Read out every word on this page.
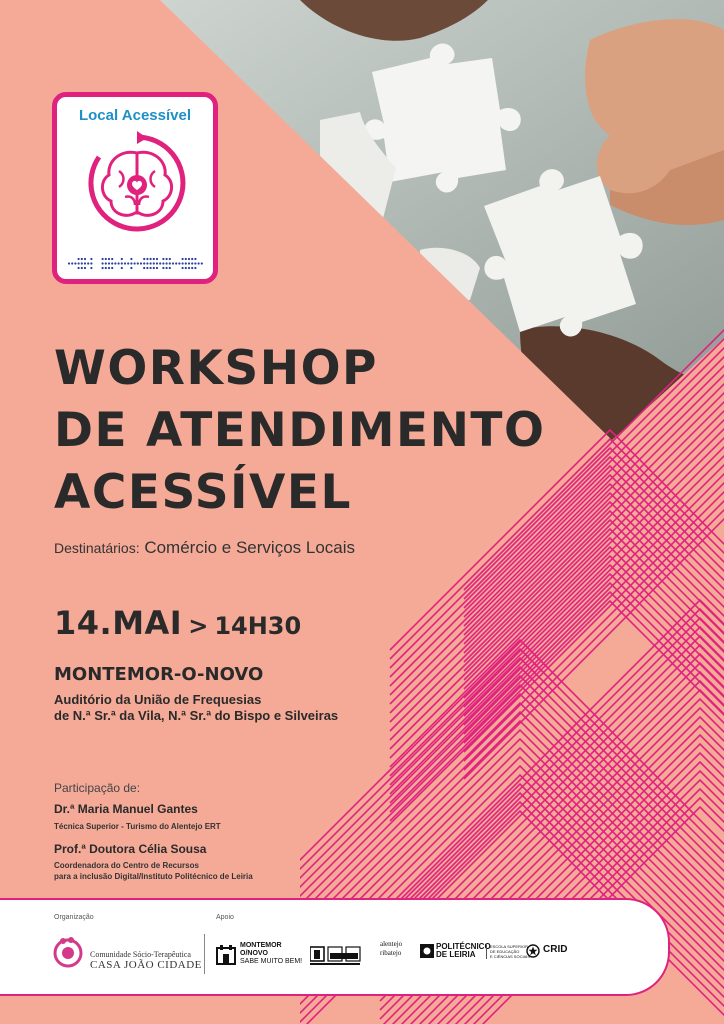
Local Acessível
WORKSHOP
DE ATENDIMENTO
ACESSÍVEL
Destinatários: Comércio e Serviços Locais
14.MAI > 14H30
MONTEMOR-O-NOVO
Auditório da União de Frequesias
de N.ª Sr.ª da Vila, N.ª Sr.ª do Bispo e Silveiras
Participação de:
Dr.ª Maria Manuel Gantes
Técnica Superior - Turismo do Alentejo ERT
Prof.ª Doutora Célia Sousa
Coordenadora do Centro de Recursos
para a inclusão Digital/Instituto Politécnico de Leiria
Organização	Apoio
Comunidade Sócio-Terapêutica
CASA JOÃO CIDADE
MONTEMOR
O/NOVO
SABE MUITO BEM!
alentejo
ribatejo
POLITÉCNICO
DE LEIRIA
ESCOLA SUPERIOR
DE EDUCAÇÃO
E CIÊNCIAS SOCIAIS
CRID
